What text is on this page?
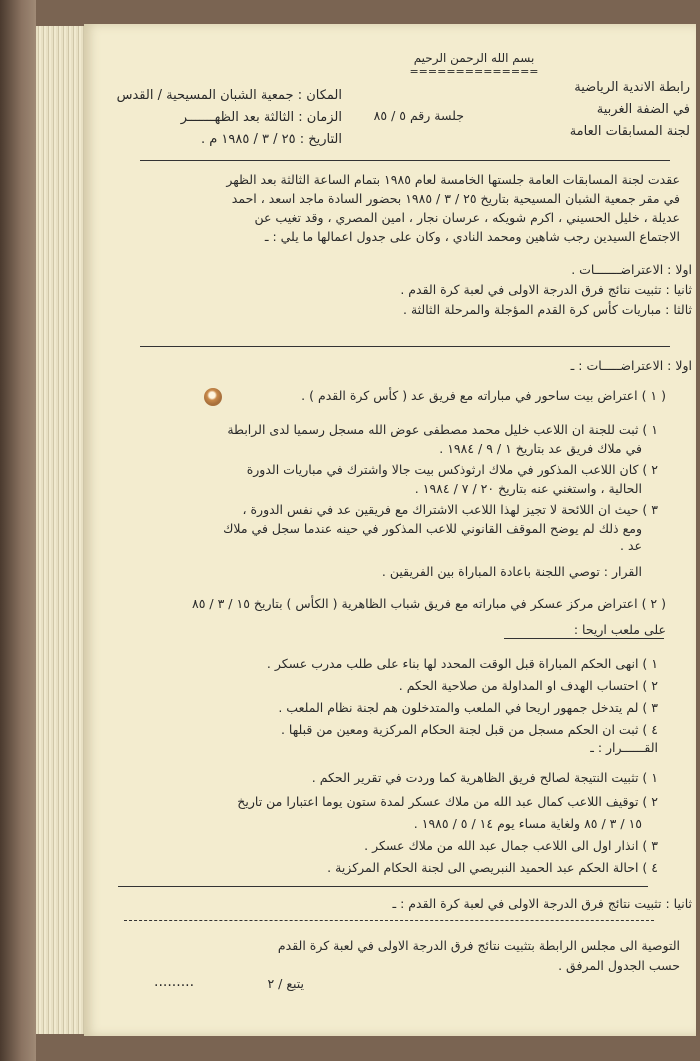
بسم الله الرحمن الرحيم
==============
رابطة الاندية الرياضية
في الضفة الغربية
لجنة المسابقات العامة
جلسة رقم ٥ / ٨٥
المكان : جمعية الشبان المسيحية / القدس
الزمان : الثالثة بعد الظهـــــــر
التاريخ : ٢٥ / ٣ / ١٩٨٥ م .
عقدت لجنة المسابقات العامة جلستها الخامسة لعام ١٩٨٥ بتمام الساعة الثالثة بعد الظهر
في مقر جمعية الشبان المسيحية بتاريخ ٢٥ / ٣ / ١٩٨٥ بحضور السادة ماجد اسعد ، احمد
عديلة ، خليل الحسيني ، اكرم شويكه ، عرسان نجار ، امين المصري ، وقد تغيب عن
الاجتماع السيدين رجب شاهين ومحمد النادي ، وكان على جدول اعمالها ما يلي : ـ
اولا : الاعتراضـــــــات .
ثانيا : تثبيت نتائج فرق الدرجة الاولى في لعبة كرة القدم .
ثالثا : مباريات كأس كرة القدم المؤجلة والمرحلة الثالثة .
اولا : الاعتراضـــــات : ـ
( ١ ) اعتراض بيت ساحور في مباراته مع فريق عد ( كأس كرة القدم ) .
١ ) ثبت للجنة ان اللاعب خليل محمد مصطفى عوض الله مسجل رسميا لدى الرابطة
في ملاك فريق عد بتاريخ ١ / ٩ / ١٩٨٤ .
٢ ) كان اللاعب المذكور في ملاك ارثوذكس بيت جالا واشترك في مباريات الدورة
الحالية ، واستغني عنه بتاريخ ٢٠ / ٧ / ١٩٨٤ .
٣ ) حيث ان اللائحة لا تجيز لهذا اللاعب الاشتراك مع فريقين عد في نفس الدورة ،
ومع ذلك لم يوضح الموقف القانوني للاعب المذكور في حينه عندما سجل في ملاك
عد .
القرار : توصي اللجنة باعادة المباراة بين الفريقين .
( ٢ ) اعتراض مركز عسكر في مباراته مع فريق شباب الظاهرية ( الكأس ) بتاريخ ١٥ / ٣ / ٨٥
على ملعب اريحا :
١ ) انهى الحكم المباراة قبل الوقت المحدد لها بناء على طلب مدرب عسكر .
٢ ) احتساب الهدف او المداولة من صلاحية الحكم .
٣ ) لم يتدخل جمهور اريحا في الملعب والمتدخلون هم لجنة نظام الملعب .
٤ ) ثبت ان الحكم مسجل من قبل لجنة الحكام المركزية ومعين من قبلها .
القــــــرار : ـ
١ ) تثبيت النتيجة لصالح فريق الظاهرية كما وردت في تقرير الحكم .
٢ ) توقيف اللاعب كمال عبد الله من ملاك عسكر لمدة ستون يوما اعتبارا من تاريخ
١٥ / ٣ / ٨٥ ولغاية مساء يوم ١٤ / ٥ / ١٩٨٥ .
٣ ) انذار اول الى اللاعب جمال عبد الله من ملاك عسكر .
٤ ) احالة الحكم عبد الحميد النبريصي الى لجنة الحكام المركزية .
ثانيا : تثبيت نتائج فرق الدرجة الاولى في لعبة كرة القدم : ـ
التوصية الى مجلس الرابطة بتثبيت نتائج فرق الدرجة الاولى في لعبة كرة القدم
حسب الجدول المرفق .
يتبع / ٢
.........
